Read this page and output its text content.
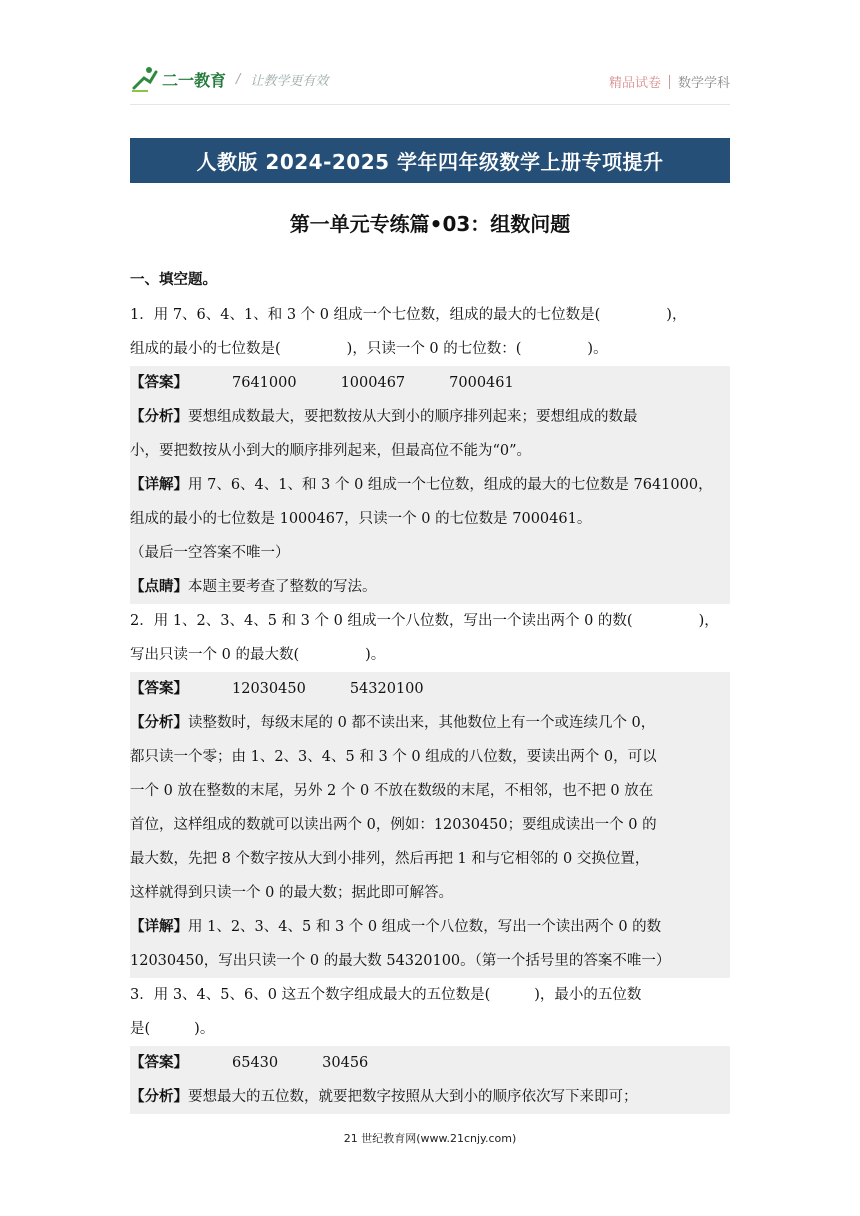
二一教育 / 让教学更有效	精品试卷 数学学科
人教版 2024-2025 学年四年级数学上册专项提升
第一单元专练篇•03：组数问题
一、填空题。

1．用 7、6、4、1、和 3 个 0 组成一个七位数，组成的最大的七位数是(	)，

组成的最小的七位数是(	)，只读一个 0 的七位数：(	)。

【答案】	7641000	1000467	7000461

【分析】要想组成数最大，要把数按从大到小的顺序排列起来；要想组成的数最

小，要把数按从小到大的顺序排列起来，但最高位不能为“0”。

【详解】用 7、6、4、1、和 3 个 0 组成一个七位数，组成的最大的七位数是 7641000，

组成的最小的七位数是 1000467，只读一个 0 的七位数是 7000461。

（最后一空答案不唯一）

【点睛】本题主要考查了整数的写法。

2．用 1、2、3、4、5 和 3 个 0 组成一个八位数，写出一个读出两个 0 的数(	)，

写出只读一个 0 的最大数(	)。

【答案】	12030450	54320100

【分析】读整数时，每级末尾的 0 都不读出来，其他数位上有一个或连续几个 0，

都只读一个零；由 1、2、3、4、5 和 3 个 0 组成的八位数，要读出两个 0，可以

一个 0 放在整数的末尾，另外 2 个 0 不放在数级的末尾，不相邻，也不把 0 放在

首位，这样组成的数就可以读出两个 0，例如：12030450；要组成读出一个 0 的

最大数，先把 8 个数字按从大到小排列，然后再把 1 和与它相邻的 0 交换位置，

这样就得到只读一个 0 的最大数；据此即可解答。

【详解】用 1、2、3、4、5 和 3 个 0 组成一个八位数，写出一个读出两个 0 的数

12030450，写出只读一个 0 的最大数 54320100。（第一个括号里的答案不唯一）

3．用 3、4、5、6、0 这五个数字组成最大的五位数是(	)，最小的五位数

是(	)。

【答案】	65430	30456

【分析】要想最大的五位数，就要把数字按照从大到小的顺序依次写下来即可；

21 世纪教育网(www.21cnjy.com)
